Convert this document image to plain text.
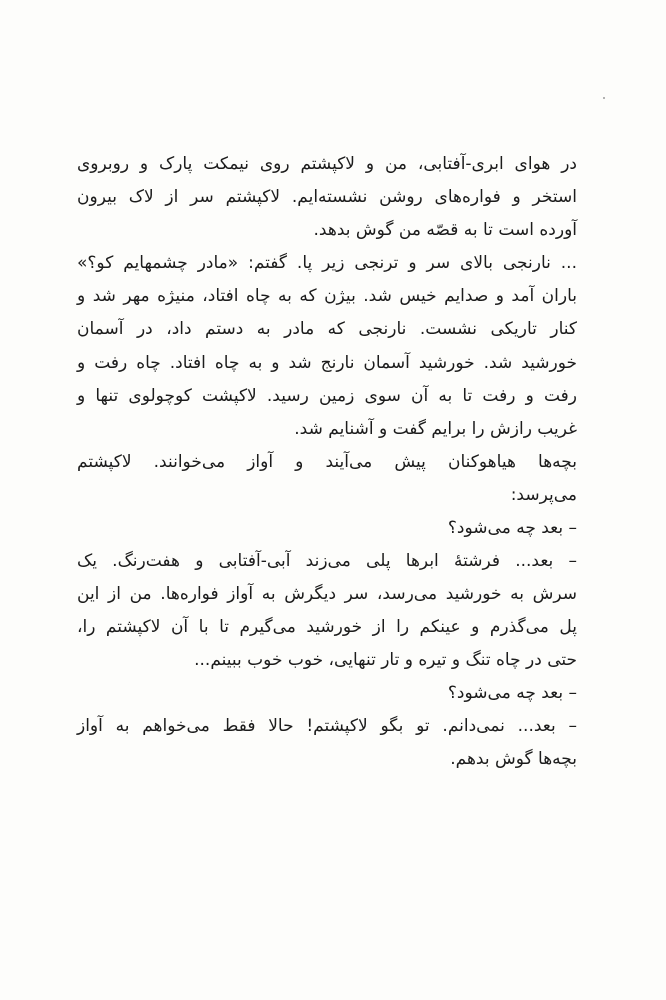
در هوای ابری-آفتابی، من و لاکپشتم روی نیمکت پارک و روبروی
استخر و فواره‌های روشن نشسته‌ایم. لاکپشتم سر از لاک بیرون
آورده است تا به قصّه من گوش بدهد.
... نارنجی بالای سر و ترنجی زیر پا. گفتم: «مادر چشمهایم کو؟»
باران آمد و صدایم خیس شد. بیژن که به چاه افتاد، منیژه مهر شد و
کنار تاریکی نشست. نارنجی که مادر به دستم داد، در آسمان
خورشید شد. خورشید آسمان نارنج شد و به چاه افتاد. چاه رفت و
رفت و رفت تا به آن سوی زمین رسید. لاکپشت کوچولوی تنها و
غریب رازش را برایم گفت و آشنایم شد.
بچه‌ها هیاهوکنان پیش می‌آیند و آواز می‌خوانند. لاکپشتم
می‌پرسد:
– بعد چه می‌شود؟
– بعد... فرشتهٔ ابرها پلی می‌زند آبی-آفتابی و هفت‌رنگ. یک
سرش به خورشید می‌رسد، سر دیگرش به آواز فواره‌ها. من از این
پل می‌گذرم و عینکم را از خورشید می‌گیرم تا با آن لاکپشتم را،
حتی در چاه تنگ و تیره و تار تنهایی، خوب خوب ببینم...
– بعد چه می‌شود؟
– بعد... نمی‌دانم. تو بگو لاکپشتم! حالا فقط می‌خواهم به آواز
بچه‌ها گوش بدهم.
